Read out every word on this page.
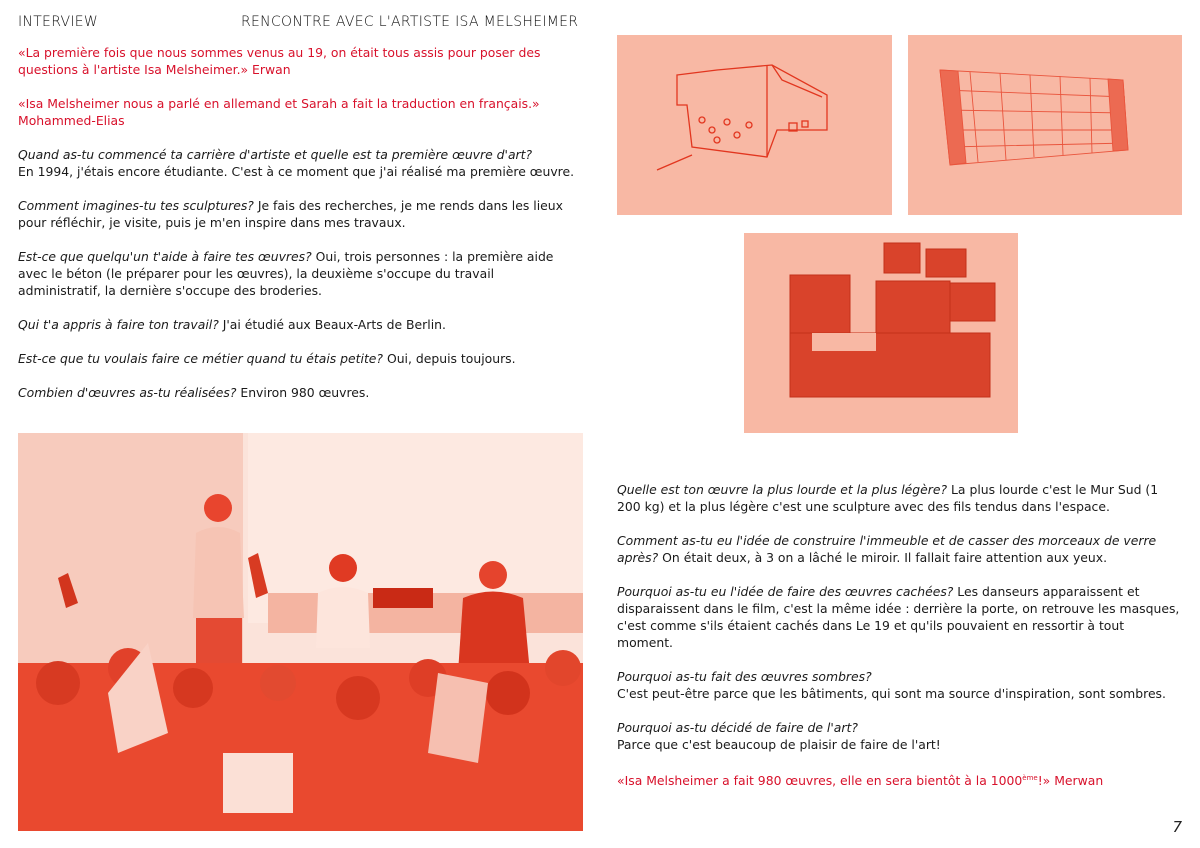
INTERVIEW	RENCONTRE AVEC L'ARTISTE ISA MELSHEIMER

«La première fois que nous sommes venus au 19, on était tous assis pour poser des questions à l'artiste Isa Melsheimer.» Erwan

«Isa Melsheimer nous a parlé en allemand et Sarah a fait la traduction en français.» Mohammed-Elias

Quand as-tu commencé ta carrière d'artiste et quelle est ta première œuvre d'art?
En 1994, j'étais encore étudiante. C'est à ce moment que j'ai réalisé ma première œuvre.

Comment imagines-tu tes sculptures? Je fais des recherches, je me rends dans les lieux pour réfléchir, je visite, puis je m'en inspire dans mes travaux.

Est-ce que quelqu'un t'aide à faire tes œuvres? Oui, trois personnes : la première aide avec le béton (le préparer pour les œuvres), la deuxième s'occupe du travail administratif, la dernière s'occupe des broderies.

Qui t'a appris à faire ton travail? J'ai étudié aux Beaux-Arts de Berlin.

Est-ce que tu voulais faire ce métier quand tu étais petite? Oui, depuis toujours.

Combien d'œuvres as-tu réalisées? Environ 980 œuvres.

Quelle est ton œuvre la plus lourde et la plus légère? La plus lourde c'est le Mur Sud (1 200 kg) et la plus légère c'est une sculpture avec des fils tendus dans l'espace.

Comment as-tu eu l'idée de construire l'immeuble et de casser des morceaux de verre après? On était deux, à 3 on a lâché le miroir. Il fallait faire attention aux yeux.

Pourquoi as-tu eu l'idée de faire des œuvres cachées? Les danseurs apparaissent et disparaissent dans le film, c'est la même idée : derrière la porte, on retrouve les masques, c'est comme s'ils étaient cachés dans Le 19 et qu'ils pouvaient en ressortir à tout moment.

Pourquoi as-tu fait des œuvres sombres?
C'est peut-être parce que les bâtiments, qui sont ma source d'inspiration, sont sombres.

Pourquoi as-tu décidé de faire de l'art?
Parce que c'est beaucoup de plaisir de faire de l'art!

«Isa Melsheimer a fait 980 œuvres, elle en sera bientôt à la 1000ème!» Merwan

7
